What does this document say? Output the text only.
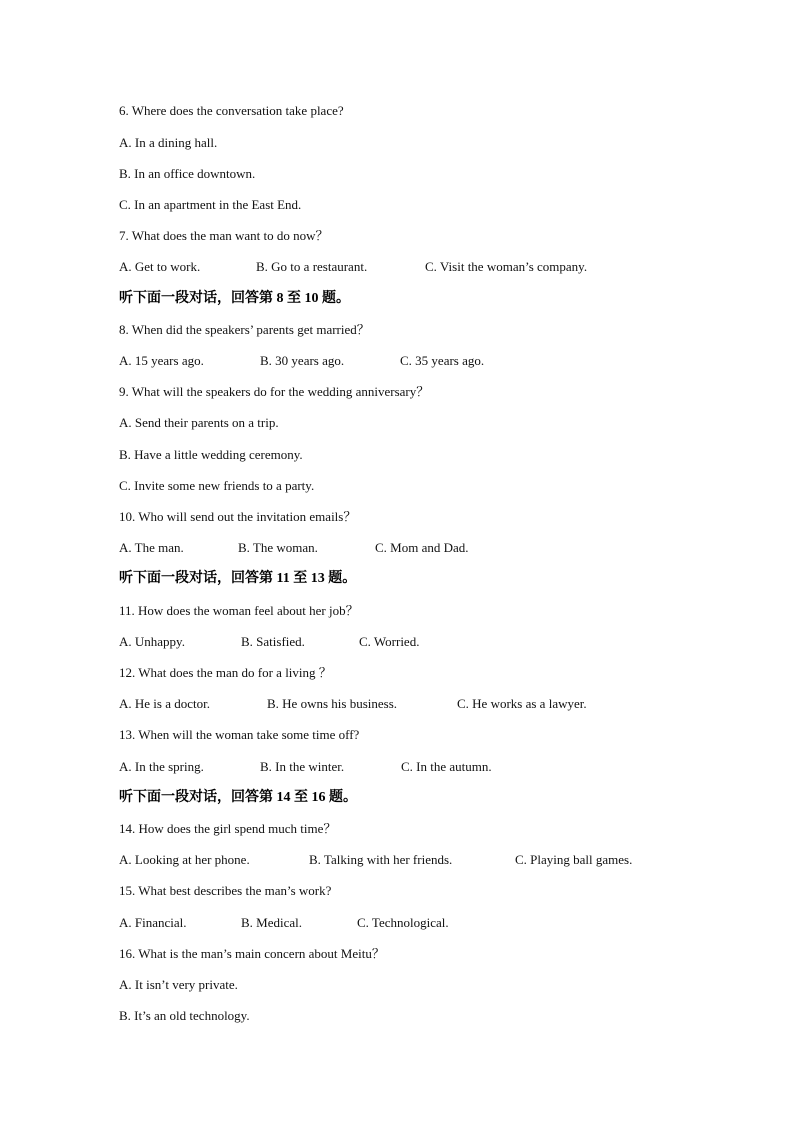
6. Where does the conversation take place?

A. In a dining hall.

B. In an office downtown.

C. In an apartment in the East End.

7. What does the man want to do now？

A. Get to work.	B. Go to a restaurant.	C. Visit the woman’s company.

听下面一段对话，回答第 8 至 10 题。

8. When did the speakers’ parents get married？

A. 15 years ago.	B. 30 years ago.	C. 35 years ago.

9. What will the speakers do for the wedding anniversary？

A. Send their parents on a trip.

B. Have a little wedding ceremony.

C. Invite some new friends to a party.

10. Who will send out the invitation emails？

A. The man.	B. The woman.	C. Mom and Dad.

听下面一段对话，回答第 11 至 13 题。

11. How does the woman feel about her job？

A. Unhappy.	B. Satisfied.	C. Worried.

12. What does the man do for a living ？

A. He is a doctor.	B. He owns his business.	C. He works as a lawyer.

13. When will the woman take some time off?

A. In the spring.	B. In the winter.	C. In the autumn.

听下面一段对话，回答第 14 至 16 题。

14. How does the girl spend much time？

A. Looking at her phone.	B. Talking with her friends.	C. Playing ball games.

15. What best describes the man’s work?

A. Financial.	B. Medical.	C. Technological.

16. What is the man’s main concern about Meitu？

A. It isn’t very private.

B. It’s an old technology.
